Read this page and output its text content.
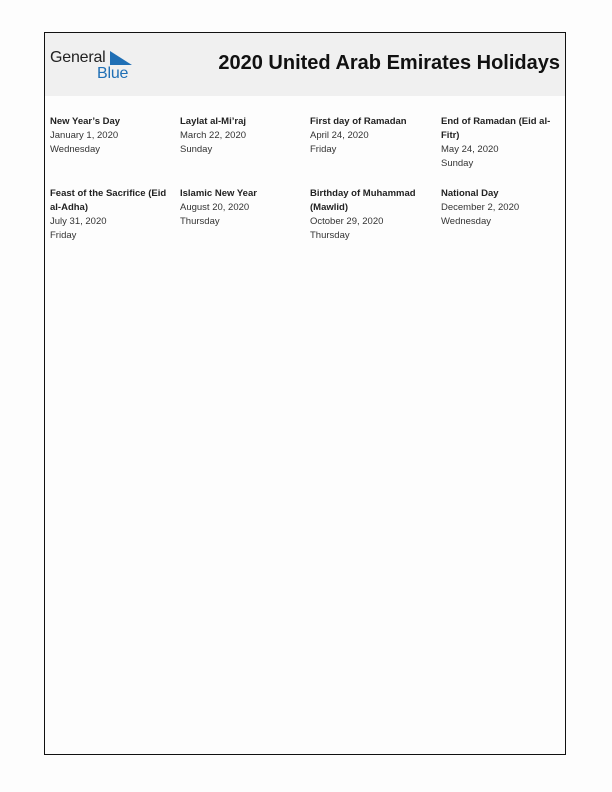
General
Blue	2020 United Arab Emirates Holidays
New Year’s Day
January 1, 2020
Wednesday
Laylat al-Mi’raj
March 22, 2020
Sunday
First day of Ramadan
April 24, 2020
Friday
End of Ramadan (Eid al-Fitr)
May 24, 2020
Sunday
Feast of the Sacrifice (Eid al-Adha)
July 31, 2020
Friday
Islamic New Year
August 20, 2020
Thursday
Birthday of Muhammad (Mawlid)
October 29, 2020
Thursday
National Day
December 2, 2020
Wednesday
